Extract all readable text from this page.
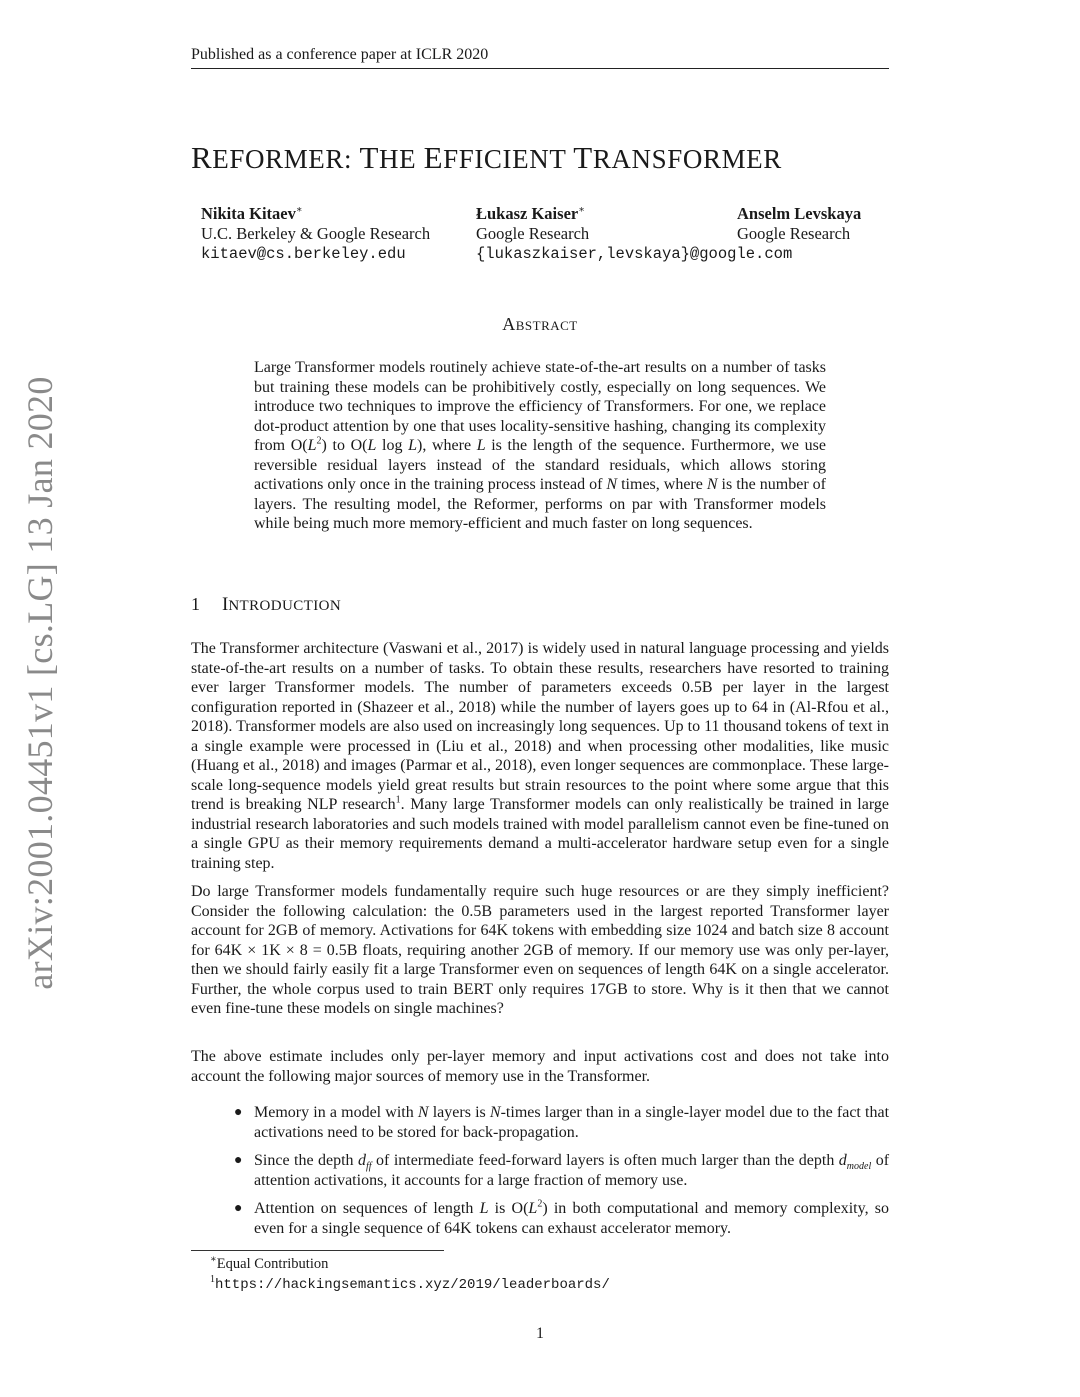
Published as a conference paper at ICLR 2020
arXiv:2001.04451v1 [cs.LG] 13 Jan 2020
REFORMER: THE EFFICIENT TRANSFORMER
Nikita Kitaev∗
U.C. Berkeley & Google Research
kitaev@cs.berkeley.edu
Łukasz Kaiser∗
Google Research
{lukaszkaiser,levskaya}@google.com
Anselm Levskaya
Google Research
Abstract
Large Transformer models routinely achieve state-of-the-art results on a number of tasks but training these models can be prohibitively costly, especially on long sequences. We introduce two techniques to improve the efficiency of Transformers. For one, we replace dot-product attention by one that uses locality-sensitive hashing, changing its complexity from $O(L^2)$ to O(L log L), where L is the length of the sequence. Furthermore, we use reversible residual layers instead of the standard residuals, which allows storing activations only once in the training process instead of N times, where N is the number of layers. The resulting model, the Reformer, performs on par with Transformer models while being much more memory-efficient and much faster on long sequences.
1 INTRODUCTION

The Transformer architecture (Vaswani et al., 2017) is widely used in natural language processing and yields state-of-the-art results on a number of tasks. To obtain these results, researchers have resorted to training ever larger Transformer models. The number of parameters exceeds 0.5B per layer in the largest configuration reported in (Shazeer et al., 2018) while the number of layers goes up to 64 in (Al-Rfou et al., 2018). Transformer models are also used on increasingly long sequences. Up to 11 thousand tokens of text in a single example were processed in (Liu et al., 2018) and when processing other modalities, like music (Huang et al., 2018) and images (Parmar et al., 2018), even longer sequences are commonplace. These large-scale long-sequence models yield great results but strain resources to the point where some argue that this trend is breaking NLP research$^1$. Many large Transformer models can only realistically be trained in large industrial research laboratories and such models trained with model parallelism cannot even be fine-tuned on a single GPU as their memory requirements demand a multi-accelerator hardware setup even for a single training step.

Do large Transformer models fundamentally require such huge resources or are they simply inefficient? Consider the following calculation: the 0.5B parameters used in the largest reported Transformer layer account for 2GB of memory. Activations for 64K tokens with embedding size 1024 and batch size 8 account for 64K × 1K × 8 = 0.5B floats, requiring another 2GB of memory. If our memory use was only per-layer, then we should fairly easily fit a large Transformer even on sequences of length 64K on a single accelerator. Further, the whole corpus used to train BERT only requires 17GB to store. Why is it then that we cannot even fine-tune these models on single machines?

The above estimate includes only per-layer memory and input activations cost and does not take into account the following major sources of memory use in the Transformer.

● Memory in a model with N layers is N-times larger than in a single-layer model due to the fact that activations need to be stored for back-propagation.
● Since the depth $d_{ff}$ of intermediate feed-forward layers is often much larger than the depth $d_{model}$ of attention activations, it accounts for a large fraction of memory use.
● Attention on sequences of length L is $O(L^2)$ in both computational and memory complexity, so even for a single sequence of 64K tokens can exhaust accelerator memory.
∗Equal Contribution
$^1$https://hackingsemantics.xyz/2019/leaderboards/
1
